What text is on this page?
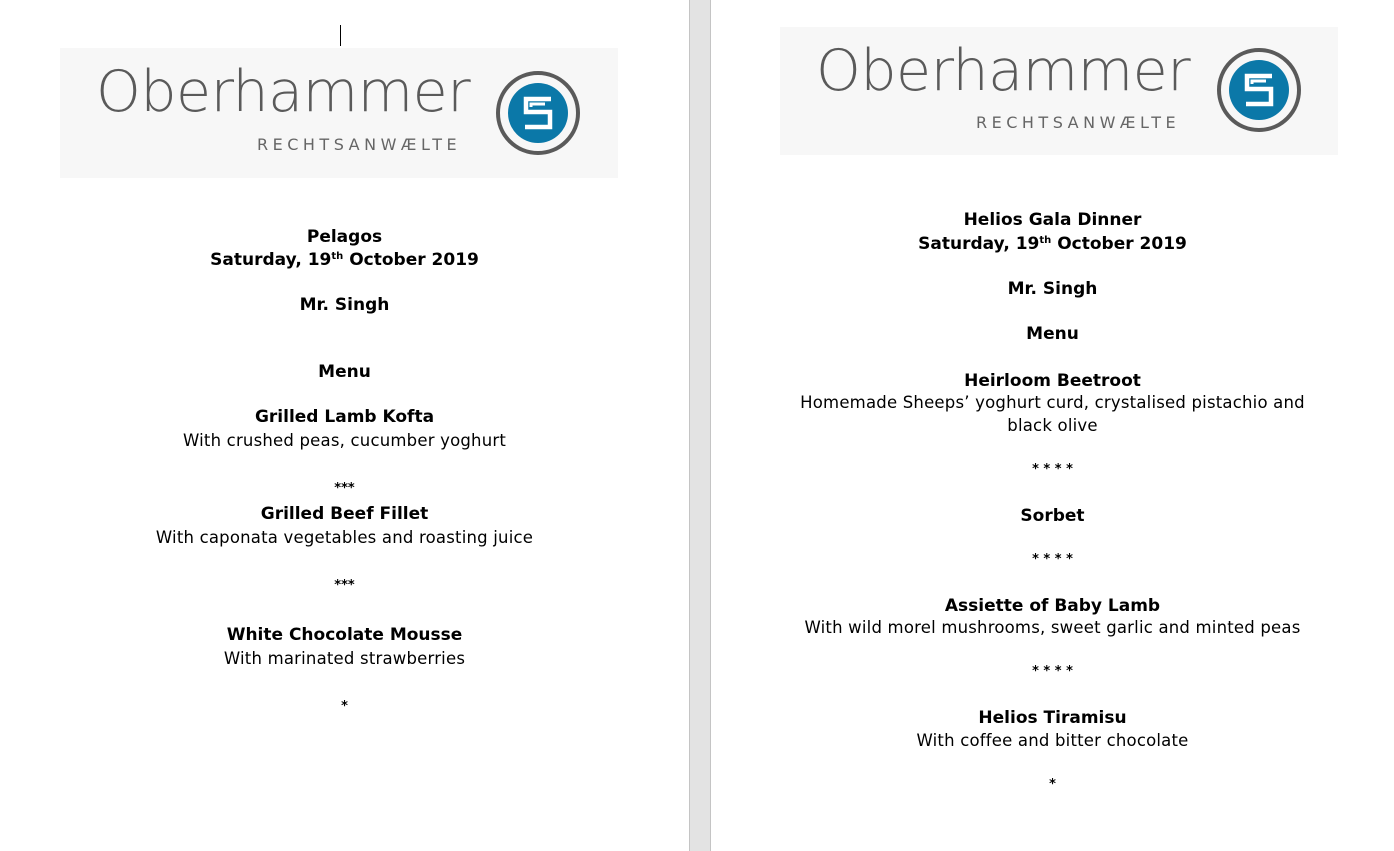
Oberhammer
RECHTSANWÆLTE
Pelagos
Saturday, 19th October 2019
Mr. Singh
Menu
Grilled Lamb Kofta
With crushed peas, cucumber yoghurt
***
Grilled Beef Fillet
With caponata vegetables and roasting juice
***
White Chocolate Mousse
With marinated strawberries
*
Oberhammer
RECHTSANWÆLTE
Helios Gala Dinner
Saturday, 19th October 2019
Mr. Singh
Menu
Heirloom Beetroot
Homemade Sheeps’ yoghurt curd, crystalised pistachio and
black olive
* * * *
Sorbet
* * * *
Assiette of Baby Lamb
With wild morel mushrooms, sweet garlic and minted peas
* * * *
Helios Tiramisu
With coffee and bitter chocolate
*
